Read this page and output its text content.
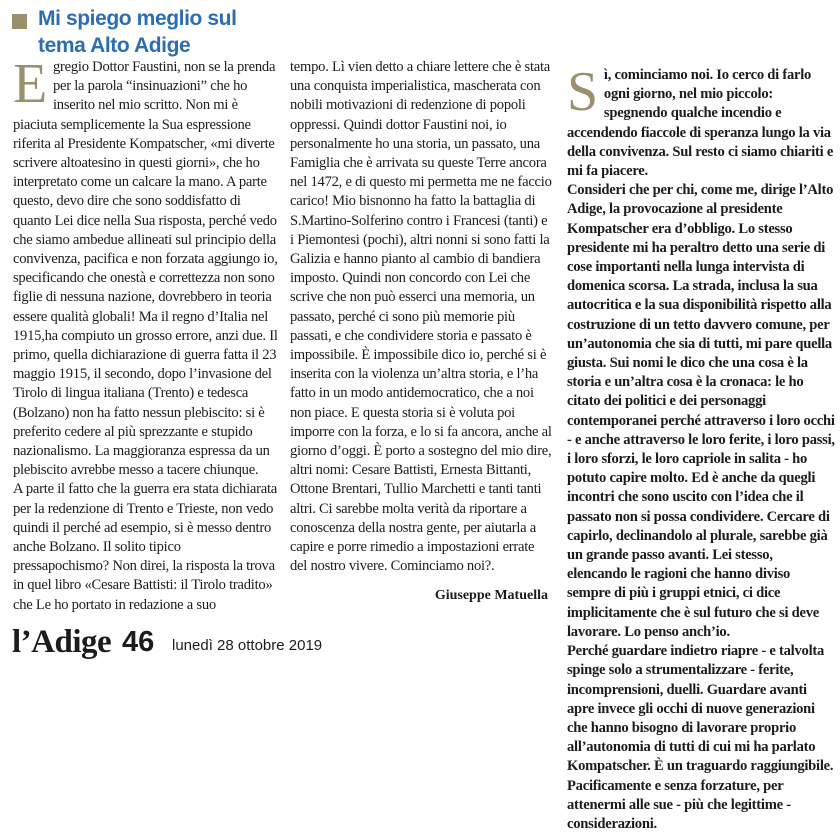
Mi spiego meglio sul tema Alto Adige

Egregio Dottor Faustini, non se la prenda per la parola “insinuazioni” che ho inserito nel mio scritto. Non mi è piaciuta semplicemente la Sua espressione riferita al Presidente Kompatscher, «mi diverte scrivere altoatesino in questi giorni», che ho interpretato come un calcare la mano. A parte questo, devo dire che sono soddisfatto di quanto Lei dice nella Sua risposta, perché vedo che siamo ambedue allineati sul principio della convivenza, pacifica e non forzata aggiungo io, specificando che onestà e correttezza non sono figlie di nessuna nazione, dovrebbero in teoria essere qualità globali! Ma il regno d’Italia nel 1915,ha compiuto un grosso errore, anzi due. Il primo, quella dichiarazione di guerra fatta il 23 maggio 1915, il secondo, dopo l’invasione del Tirolo di lingua italiana (Trento) e tedesca (Bolzano) non ha fatto nessun plebiscito: si è preferito cedere al più sprezzante e stupido nazionalismo. La maggioranza espressa da un plebiscito avrebbe messo a tacere chiunque.

A parte il fatto che la guerra era stata dichiarata per la redenzione di Trento e Trieste, non vedo quindi il perché ad esempio, si è messo dentro anche Bolzano. Il solito tipico pressapochismo? Non direi, la risposta la trova in quel libro «Cesare Battisti: il Tirolo tradito» che Le ho portato in redazione a suo

tempo. Lì vien detto a chiare lettere che è stata una conquista imperialistica, mascherata con nobili motivazioni di redenzione di popoli oppressi. Quindi dottor Faustini noi, io personalmente ho una storia, un passato, una Famiglia che è arrivata su queste Terre ancora nel 1472, e di questo mi permetta me ne faccio carico! Mio bisnonno ha fatto la battaglia di S.Martino-Solferino contro i Francesi (tanti) e i Piemontesi (pochi), altri nonni si sono fatti la Galizia e hanno pianto al cambio di bandiera imposto. Quindi non concordo con Lei che scrive che non può esserci una memoria, un passato, perché ci sono più memorie più passati, e che condividere storia e passato è impossibile. È impossibile dico io, perché si è inserita con la violenza un’altra storia, e l’ha fatto in un modo antidemocratico, che a noi non piace. E questa storia si è voluta poi imporre con la forza, e lo si fa ancora, anche al giorno d’oggi. È porto a sostegno del mio dire, altri nomi: Cesare Battisti, Ernesta Bittanti, Ottone Brentari, Tullio Marchetti e tanti tanti altri. Ci sarebbe molta verità da riportare a conoscenza della nostra gente, per aiutarla a capire e porre rimedio a impostazioni errate del nostro vivere. Cominciamo noi?.

Giuseppe Matuella

Sì, cominciamo noi. Io cerco di farlo ogni giorno, nel mio piccolo: spegnendo qualche incendio e accendendo fiaccole di speranza lungo la via della convivenza. Sul resto ci siamo chiariti e mi fa piacere.

Consideri che per chi, come me, dirige l’Alto Adige, la provocazione al presidente Kompatscher era d’obbligo. Lo stesso presidente mi ha peraltro detto una serie di cose importanti nella lunga intervista di domenica scorsa. La strada, inclusa la sua autocritica e la sua disponibilità rispetto alla costruzione di un tetto davvero comune, per un’autonomia che sia di tutti, mi pare quella giusta. Sui nomi le dico che una cosa è la storia e un’altra cosa è la cronaca: le ho citato dei politici e dei personaggi contemporanei perché attraverso i loro occhi - e anche attraverso le loro ferite, i loro passi, i loro sforzi, le loro capriole in salita - ho potuto capire molto. Ed è anche da quegli incontri che sono uscito con l’idea che il passato non si possa condividere. Cercare di capirlo, declinandolo al plurale, sarebbe già un grande passo avanti. Lei stesso, elencando le ragioni che hanno diviso sempre di più i gruppi etnici, ci dice implicitamente che è sul futuro che si deve lavorare. Lo penso anch’io.

Perché guardare indietro riapre - e talvolta spinge solo a strumentalizzare - ferite, incomprensioni, duelli. Guardare avanti apre invece gli occhi di nuove generazioni che hanno bisogno di lavorare proprio all’autonomia di tutti di cui mi ha parlato Kompatscher. È un traguardo raggiungibile. Pacificamente e senza forzature, per attenermi alle sue - più che legittime - considerazioni.

l’Adige 46 lunedì 28 ottobre 2019
